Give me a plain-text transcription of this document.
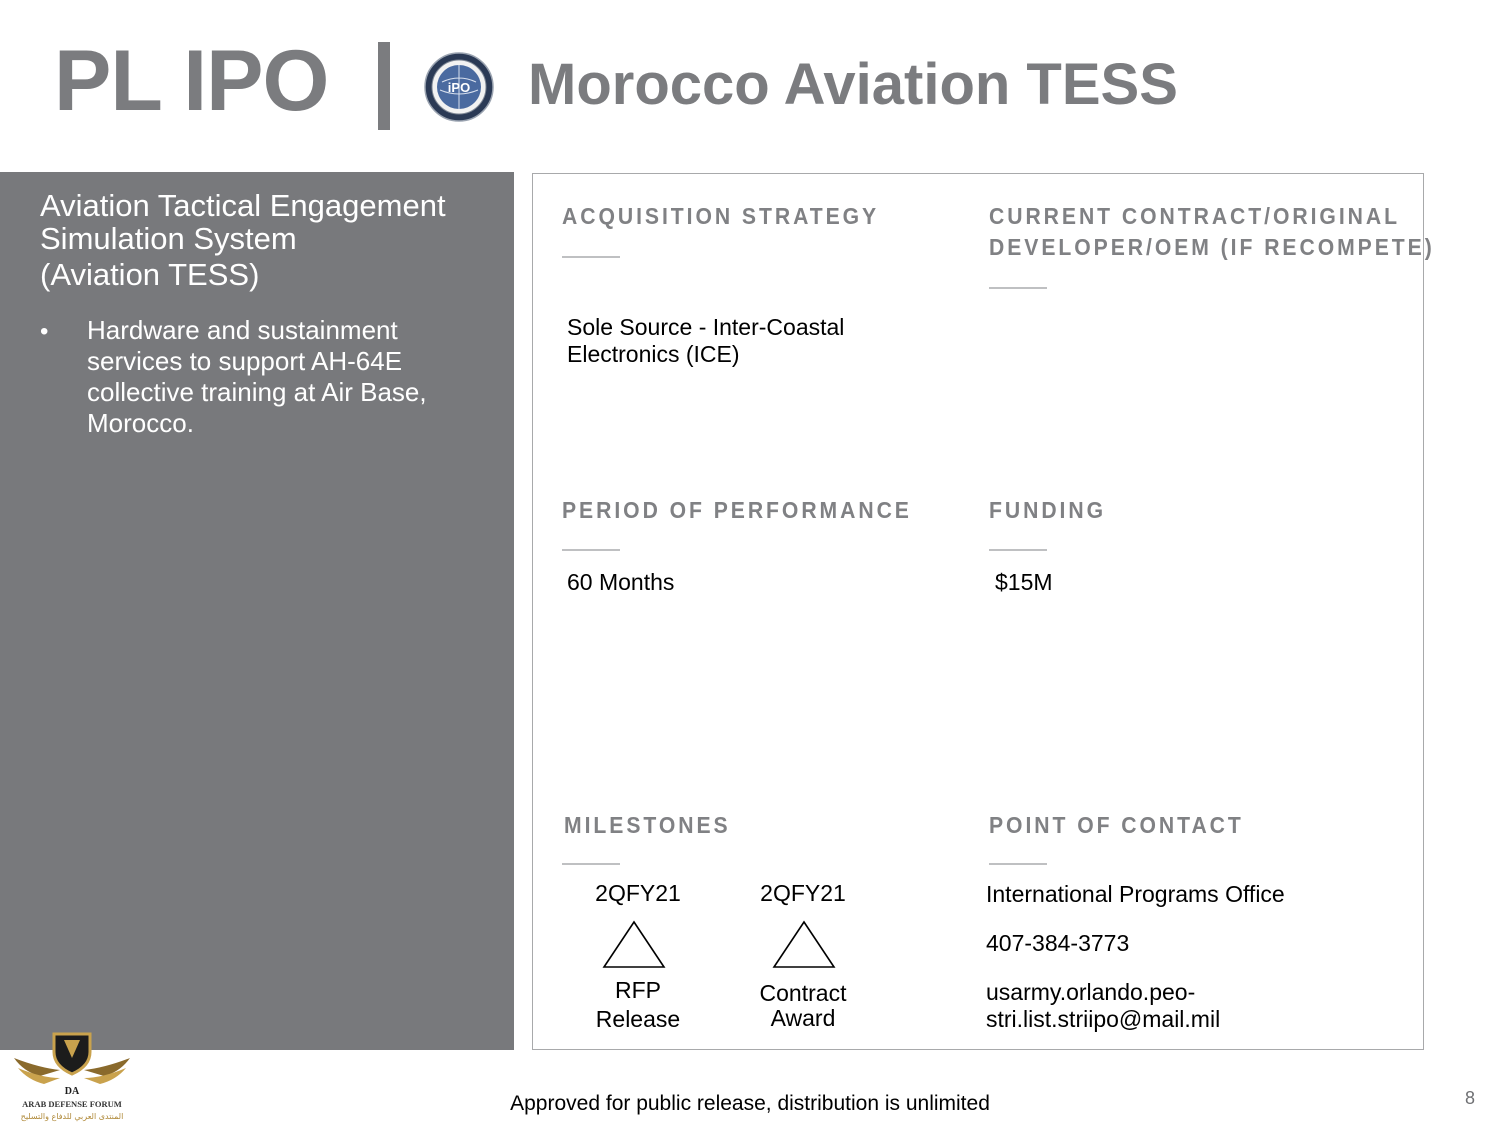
PL IPO	iPO Morocco Aviation TESS
Aviation Tactical Engagement Simulation System
(Aviation TESS)
• Hardware and sustainment services to support AH-64E collective training at Air Base, Morocco.
ACQUISITION STRATEGY
Sole Source - Inter-Coastal Electronics (ICE)
CURRENT CONTRACT/ORIGINAL
DEVELOPER/OEM (IF RECOMPETE)
PERIOD OF PERFORMANCE
60 Months
FUNDING
$15M
MILESTONES
2QFY21
RFP
Release
2QFY21
Contract
Award
POINT OF CONTACT
International Programs Office
407-384-3773
usarmy.orlando.peo-
stri.list.striipo@mail.mil
DA
ARAB DEFENSE FORUM
المنتدى العربي للدفاع والتسليح
Approved for public release, distribution is unlimited	8
